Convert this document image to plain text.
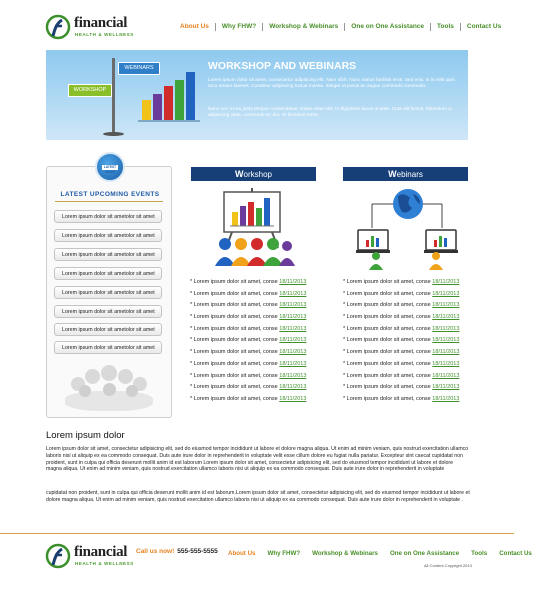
financial
HEALTH & WELLNESS
About Us	Why FHW?	Workshop & Webinars	One on One Assistance	Tools	Contact Us
WEBINARS
WORKSHOP
WORKSHOP AND WEBINARS
Lorem ipsum dolor sit amet, consectetur adipiscing elit. Nam nibh. Nunc varius facilisis eros. Sed erat. In in velit quis arcu ornare laoreet. Curabitur adipiscing luctus massa. Integer ut purus ac augue commodo commodo.
Nunc nec mi eu justo tempor consectetuer. Etiam vitae nisl. In dignissim lacus ut ante. Cras elit lectus, bibendum a, adipiscing vitae, commodo et, dui. Ut tincidunt tortor.
LATEST UPCOMING EVENTS
Lorem ipsum dolor sit ametolor sit amet
Lorem ipsum dolor sit ametolor sit amet
Lorem ipsum dolor sit ametolor sit amet
Lorem ipsum dolor sit ametolor sit amet
Lorem ipsum dolor sit ametolor sit amet
Lorem ipsum dolor sit ametolor sit amet
Lorem ipsum dolor sit ametolor sit amet
Lorem ipsum dolor sit ametolor sit amet
LATEST NEWS	Workshop
* Lorem ipsum dolor sit amet, conse 18/11/2013
* Lorem ipsum dolor sit amet, conse 18/11/2013
* Lorem ipsum dolor sit amet, conse 18/11/2013
* Lorem ipsum dolor sit amet, conse 18/11/2013
* Lorem ipsum dolor sit amet, conse 18/11/2013
* Lorem ipsum dolor sit amet, conse 18/11/2013
* Lorem ipsum dolor sit amet, conse 18/11/2013
* Lorem ipsum dolor sit amet, conse 18/11/2013
* Lorem ipsum dolor sit amet, conse 18/11/2013
* Lorem ipsum dolor sit amet, conse 18/11/2013
* Lorem ipsum dolor sit amet, conse 18/11/2013
Webinars
* Lorem ipsum dolor sit amet, conse 18/11/2013
* Lorem ipsum dolor sit amet, conse 18/11/2013
* Lorem ipsum dolor sit amet, conse 18/11/2013
* Lorem ipsum dolor sit amet, conse 18/11/2013
* Lorem ipsum dolor sit amet, conse 18/11/2013
* Lorem ipsum dolor sit amet, conse 18/11/2013
* Lorem ipsum dolor sit amet, conse 18/11/2013
* Lorem ipsum dolor sit amet, conse 18/11/2013
* Lorem ipsum dolor sit amet, conse 18/11/2013
* Lorem ipsum dolor sit amet, conse 18/11/2013
* Lorem ipsum dolor sit amet, conse 18/11/2013
Lorem ipsum dolor
Lorem ipsum dolor sit amet, consectetur adipisicing elit, sed do eiusmod tempor incididunt ut labore et dolore magna aliqua. Ut enim ad minim veniam, quis nostrud exercitation ullamco laboris nisi ut aliquip ex ea commodo consequat. Duis aute irure dolor in reprehenderit in voluptate velit esse cillum dolore eu fugiat nulla pariatur. Excepteur sint caecat cupidatat non proident, sunt in culpa qui officia deserunt mollit anim id est laborum Lorem ipsum dolor sit amet, consectetur adipisicing elit, sed do eiusmod tempor incididunt ut labore et dolore magna aliqua. Ut enim ad minim veniam, quis nostrud exercitation ullamco laboris nisi ut aliquip ex ea commodo consequat. Duis aute irure dolor in reprehenderit in voluptate
cupidatat non proident, sunt in culpa qui officia deserunt mollit anim id est laborum.Lorem ipsum dolor sit amet, consectetur adipisicing elit, sed do eiusmod tempor incididunt ut labore et dolore magna aliqua. Ut enim ad minim veniam, quis nostrud exercitation ullamco laboris nisi ut aliquip ex ea commodo consequat. Duis aute irure dolor in reprehenderit in voluptate .
financial
HEALTH & WELLNESS
Call us now! 555-555-5555	About Us	Why FHW?	Workshop & Webinars	One on One Assistance	Tools	Contact Us
All Content Copyright 2013
